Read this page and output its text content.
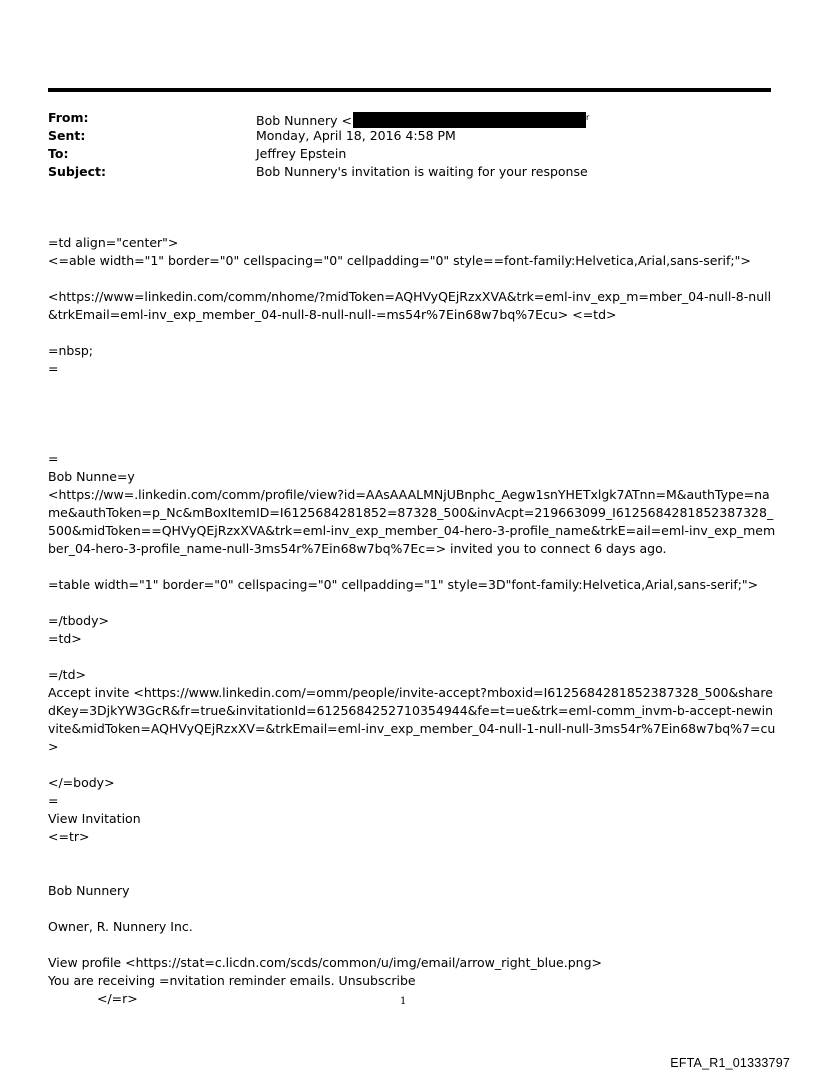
From:	Bob Nunnery <	r
Sent:	Monday, April 18, 2016 4:58 PM
To:	Jeffrey Epstein
Subject:	Bob Nunnery's invitation is waiting for your response

=td align="center">

<=able width="1" border="0" cellspacing="0" cellpadding="0" style==font-family:Helvetica,Arial,sans-serif;">

<https://www=linkedin.com/comm/nhome/?midToken=AQHVyQEjRzxXVA&trk=eml-inv_exp_m=mber_04-null-8-null&trkEmail=eml-inv_exp_member_04-null-8-null-null-=ms54r%7Ein68w7bq%7Ecu> <=td>

=nbsp;

=

=

Bob Nunne=y

<https://ww=.linkedin.com/comm/profile/view?id=AAsAAALMNjUBnphc_Aegw1snYHETxlgk7ATnn=M&authType=name&authToken=p_Nc&mBoxItemID=I6125684281852=87328_500&invAcpt=219663099_I6125684281852387328_500&midToken==QHVyQEjRzxXVA&trk=eml-inv_exp_member_04-hero-3-profile_name&trkE=ail=eml-inv_exp_member_04-hero-3-profile_name-null-3ms54r%7Ein68w7bq%7Ec=> invited you to connect 6 days ago.

=table width="1" border="0" cellspacing="0" cellpadding="1" style=3D"font-family:Helvetica,Arial,sans-serif;">

=/tbody>

=td>

=/td>

Accept invite <https://www.linkedin.com/=omm/people/invite-accept?mboxid=I6125684281852387328_500&sharedKey=3DjkYW3GcR&fr=true&invitationId=6125684252710354944&fe=t=ue&trk=eml-comm_invm-b-accept-newinvite&midToken=AQHVyQEjRzxXV=&trkEmail=eml-inv_exp_member_04-null-1-null-null-3ms54r%7Ein68w7bq%7=cu>

</=body>

=

View Invitation

<=tr>

Bob Nunnery

Owner, R. Nunnery Inc.

View profile <https://stat=c.licdn.com/scds/common/u/img/email/arrow_right_blue.png>

You are receiving =nvitation reminder emails. Unsubscribe

</=r>	1
EFTA_R1_01333797
